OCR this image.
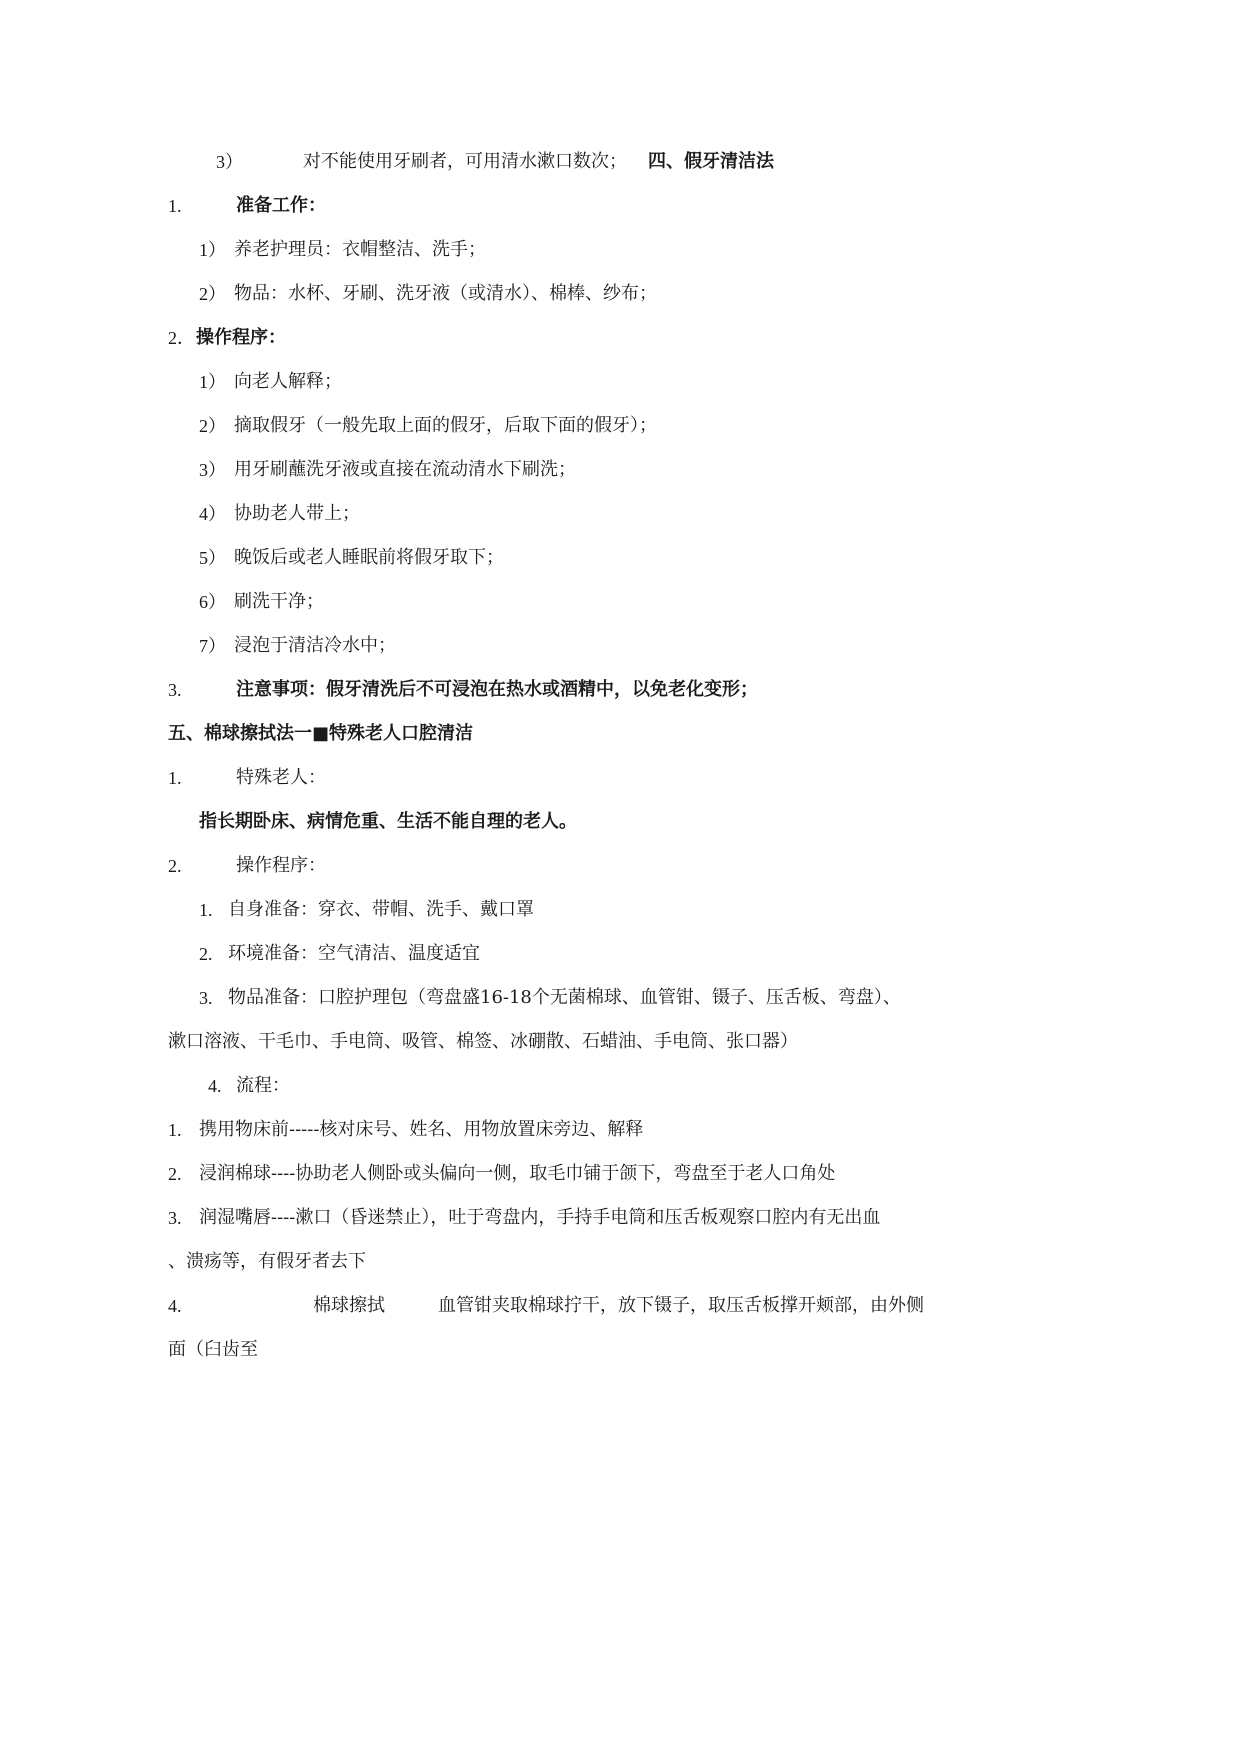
3）	对不能使用牙刷者，可用清水漱口数次； 四、假牙清洁法
1.	准备工作：
1） 养老护理员：衣帽整洁、洗手；
2） 物品：水杯、牙刷、洗牙液（或清水）、棉棒、纱布；
2． 操作程序：
1） 向老人解释；
2） 摘取假牙（一般先取上面的假牙，后取下面的假牙）；
3） 用牙刷蘸洗牙液或直接在流动清水下刷洗；
4） 协助老人带上；
5） 晚饭后或老人睡眠前将假牙取下；
6） 刷洗干净；
7） 浸泡于清洁冷水中；
3.	注意事项：假牙清洗后不可浸泡在热水或酒精中，以免老化变形；
五、棉球擦拭法一■特殊老人口腔清洁
1.	特殊老人：
指长期卧床、病情危重、生活不能自理的老人。
2.	操作程序：
1. 自身准备：穿衣、带帽、洗手、戴口罩
2. 环境准备：空气清洁、温度适宜
3. 物品准备：口腔护理包（弯盘盛16-18个无菌棉球、血管钳、镊子、压舌板、弯盘）、
漱口溶液、干毛巾、手电筒、吸管、棉签、冰硼散、石蜡油、手电筒、张口器）
4. 流程：
1. 携用物床前-----核对床号、姓名、用物放置床旁边、解释
2. 浸润棉球----协助老人侧卧或头偏向一侧，取毛巾铺于颌下，弯盘至于老人口角处
3. 润湿嘴唇----漱口（昏迷禁止），吐于弯盘内，手持手电筒和压舌板观察口腔内有无出血
、溃疡等，有假牙者去下
4.	棉球擦拭	血管钳夹取棉球拧干，放下镊子，取压舌板撑开颊部，由外侧
面（臼齿至
